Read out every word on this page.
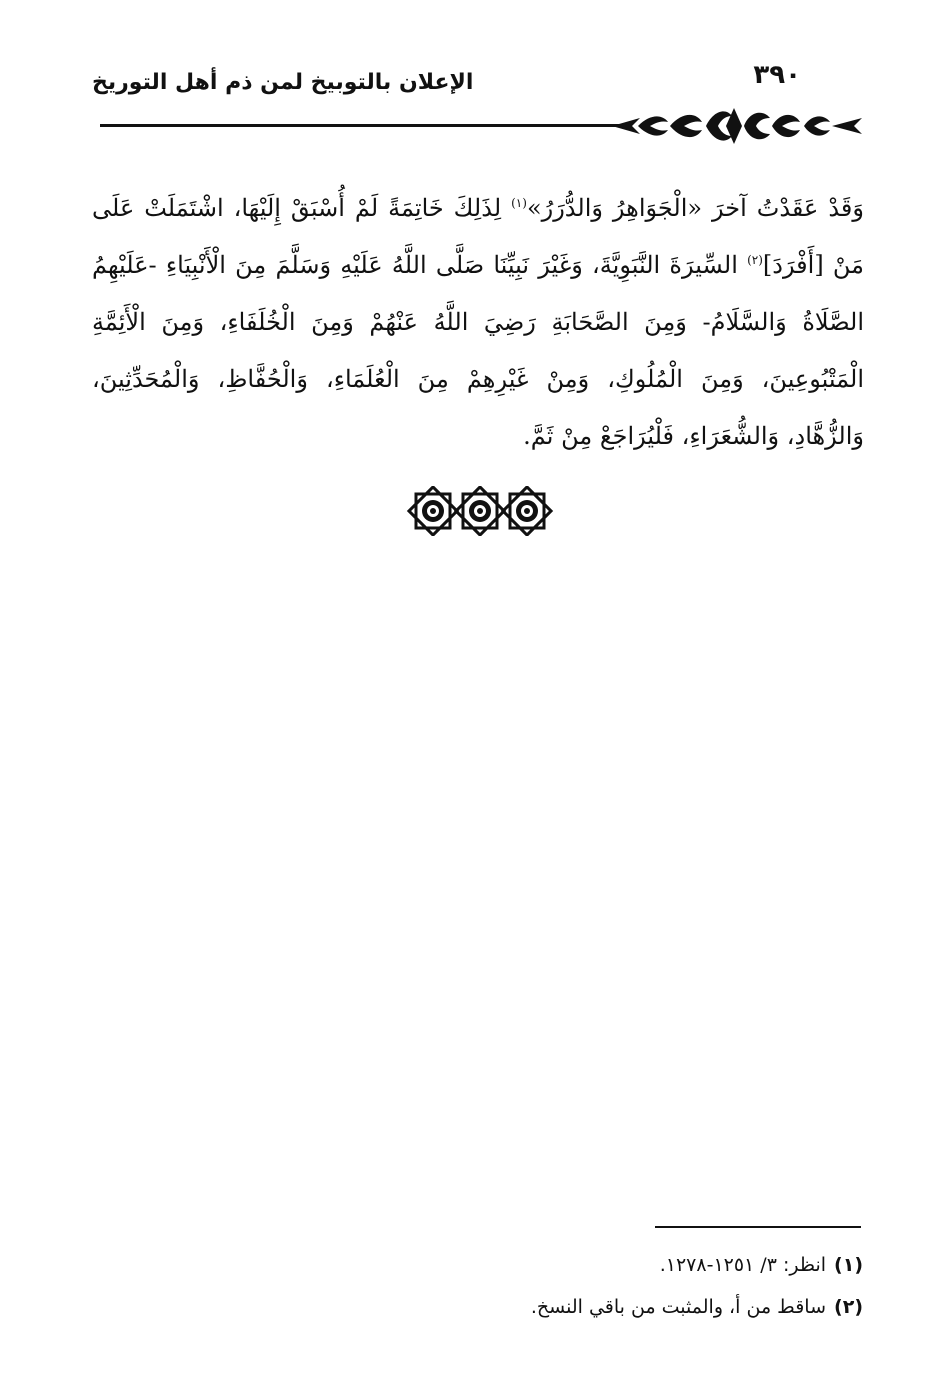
٣٩٠
الإعلان بالتوبيخ لمن ذم أهل التوريخ
وَقَدْ عَقَدْتُ آخرَ «الْجَوَاهِرُ وَالدُّرَرُ»$^{(١)}$ لِذَلِكَ خَاتِمَةً لَمْ أُسْبَقْ إِلَيْهَا، اشْتَمَلَتْ عَلَى مَنْ [أَفْرَدَ]$^{(٢)}$ السِّيرَةَ النَّبَوِيَّةَ، وَغَيْرَ نَبِيِّنَا صَلَّى اللَّهُ عَلَيْهِ وَسَلَّمَ مِنَ الْأَنْبِيَاءِ -عَلَيْهِمُ الصَّلَاةُ وَالسَّلَامُ- وَمِنَ الصَّحَابَةِ رَضِيَ اللَّهُ عَنْهُمْ وَمِنَ الْخُلَفَاءِ، وَمِنَ الْأَئِمَّةِ الْمَتْبُوعِينَ، وَمِنَ الْمُلُوكِ، وَمِنْ غَيْرِهِمْ مِنَ الْعُلَمَاءِ، وَالْحُفَّاظِ، وَالْمُحَدِّثِينَ، وَالزُّهَّادِ، وَالشُّعَرَاءِ، فَلْيُرَاجَعْ مِنْ ثَمَّ.
(١)انظر: ٣/ ١٢٥١-١٢٧٨.
(٢)ساقط من أ، والمثبت من باقي النسخ.
